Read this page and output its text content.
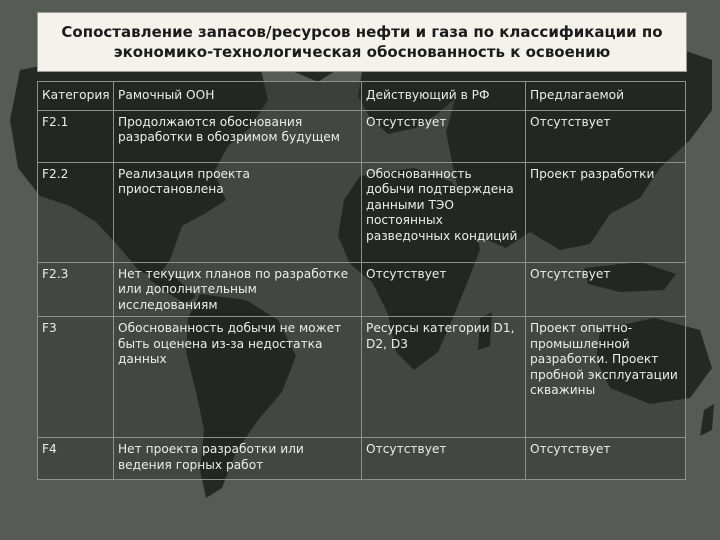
Сопоставление запасов/ресурсов нефти и газа по классификации по
экономико-технологическая обоснованность к освоению
Категория	Рамочный ООН	Действующий в РФ	Предлагаемой
F2.1	Продолжаются обоснования разработки в обозримом будущем	Отсутствует	Отсутствует
F2.2	Реализация проекта приостановлена	Обоснованность добычи подтверждена данными ТЭО постоянных разведочных кондиций	Проект разработки
F2.3	Нет текущих планов по разработке или дополнительным исследованиям	Отсутствует	Отсутствует
F3	Обоснованность добычи не может быть оценена из-за недостатка данных	Ресурсы категории D1, D2, D3	Проект опытно-промышленной разработки. Проект пробной эксплуатации скважины
F4	Нет проекта разработки или ведения горных работ	Отсутствует	Отсутствует
